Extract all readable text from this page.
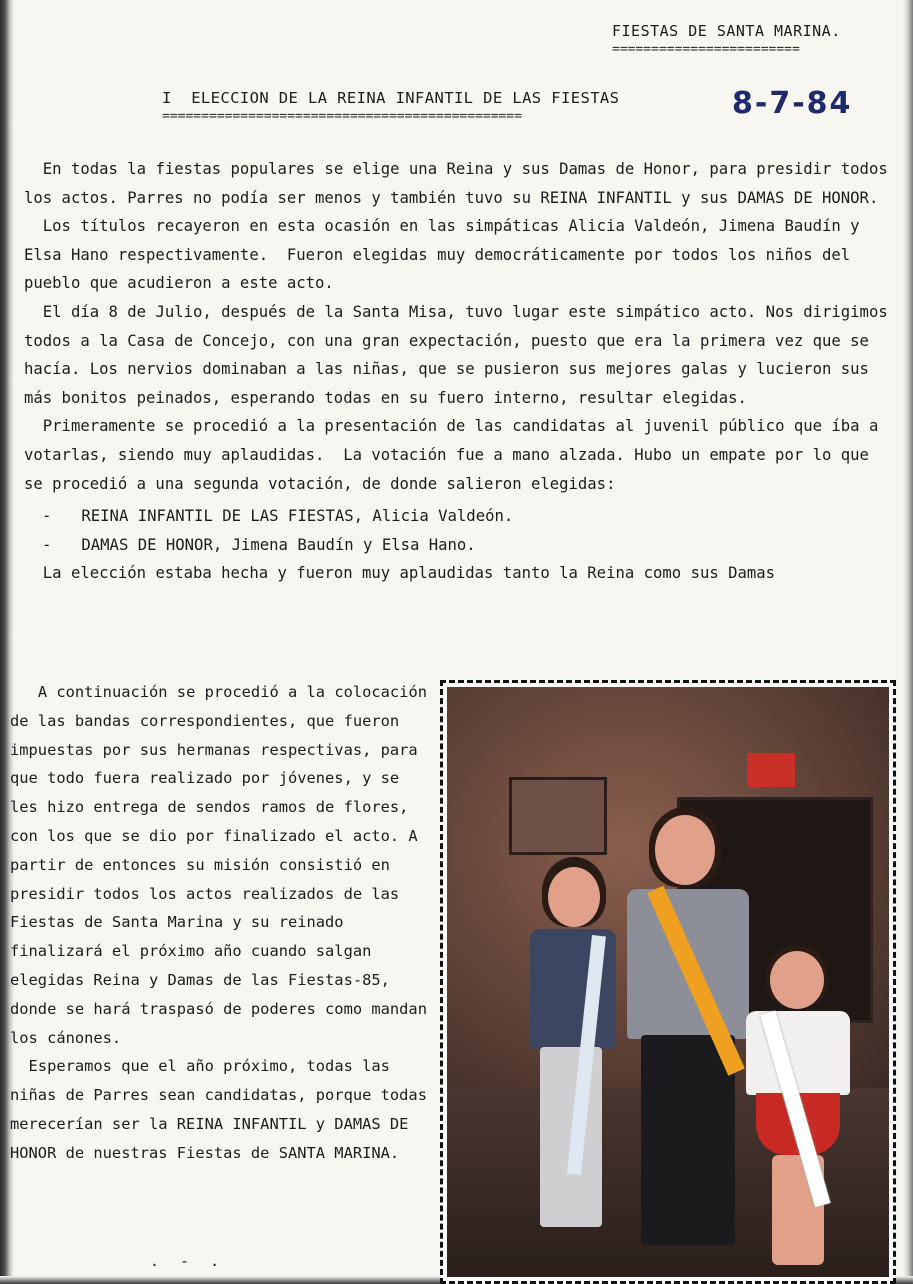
FIESTAS DE SANTA MARINA.
========================
I  ELECCION DE LA REINA INFANTIL DE LAS FIESTAS
==============================================	8-7-84

En todas la fiestas populares se elige una Reina y sus Damas de Honor, para presidir todos los actos. Parres no podía ser menos y también tuvo su REINA INFANTIL y sus DAMAS DE HONOR.

Los títulos recayeron en esta ocasión en las simpáticas Alicia Valdeón, Jimena Baudín y Elsa Hano respectivamente.  Fueron elegidas muy democráticamente por todos los niños del pueblo que acudieron a este acto.

El día 8 de Julio, después de la Santa Misa, tuvo lugar este simpático acto. Nos dirigimos todos a la Casa de Concejo, con una gran expectación, puesto que era la primera vez que se hacía. Los nervios dominaban a las niñas, que se pusieron sus mejores galas y lucieron sus más bonitos peinados, esperando todas en su fuero interno, resultar elegidas.

Primeramente se procedió a la presentación de las candidatas al juvenil público que íba a votarlas, siendo muy aplaudidas.  La votación fue a mano alzada. Hubo un empate por lo que se procedió a una segunda votación, de donde salieron elegidas:

- REINA INFANTIL DE LAS FIESTAS, Alicia Valdeón.
- DAMAS DE HONOR, Jimena Baudín y Elsa Hano.

La elección estaba hecha y fueron muy aplaudidas tanto la Reina como sus Damas

A continuación se procedió a la colocación de las bandas correspondientes, que fueron impuestas por sus hermanas respectivas, para que todo fuera realizado por jóvenes, y se les hizo entrega de sendos ramos de flores, con los que se dio por finalizado el acto. A partir de entonces su misión consistió en presidir todos los actos realizados de las Fiestas de Santa Marina y su reinado finalizará el próximo año cuando salgan elegidas Reina y Damas de las Fiestas-85, donde se hará traspasó de poderes como mandan los cánones.

Esperamos que el año próximo, todas las niñas de Parres sean candidatas, porque todas merecerían ser la REINA INFANTIL y DAMAS DE HONOR de nuestras Fiestas de SANTA MARINA.

. - .
